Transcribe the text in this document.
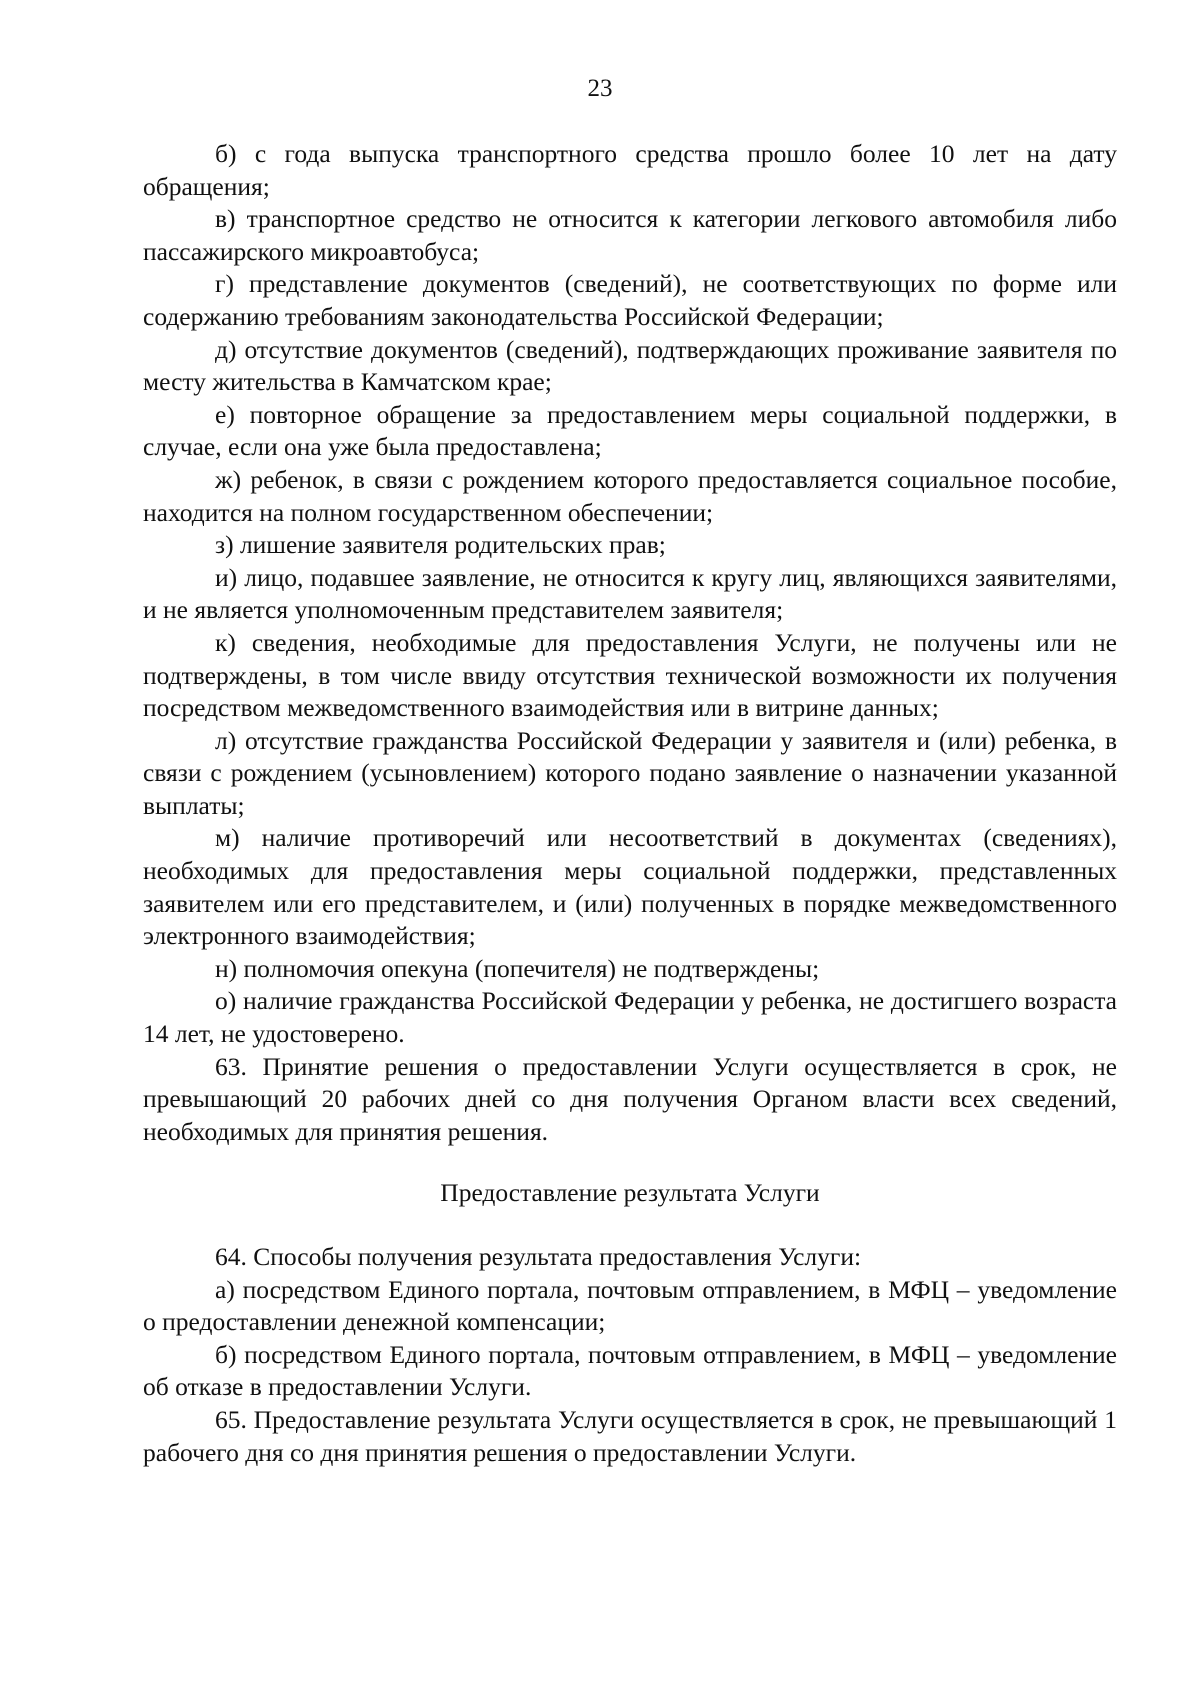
23

б) с года выпуска транспортного средства прошло более 10 лет на дату обращения;

в) транспортное средство не относится к категории легкового автомобиля либо пассажирского микроавтобуса;

г) представление документов (сведений), не соответствующих по форме или содержанию требованиям законодательства Российской Федерации;

д) отсутствие документов (сведений), подтверждающих проживание заявителя по месту жительства в Камчатском крае;

е) повторное обращение за предоставлением меры социальной поддержки, в случае, если она уже была предоставлена;

ж) ребенок, в связи с рождением которого предоставляется социальное пособие, находится на полном государственном обеспечении;

з) лишение заявителя родительских прав;

и) лицо, подавшее заявление, не относится к кругу лиц, являющихся заявителями, и не является уполномоченным представителем заявителя;

к) сведения, необходимые для предоставления Услуги, не получены или не подтверждены, в том числе ввиду отсутствия технической возможности их получения посредством межведомственного взаимодействия или в витрине данных;

л) отсутствие гражданства Российской Федерации у заявителя и (или) ребенка, в связи с рождением (усыновлением) которого подано заявление о назначении указанной выплаты;

м) наличие противоречий или несоответствий в документах (сведениях), необходимых для предоставления меры социальной поддержки, представленных заявителем или его представителем, и (или) полученных в порядке межведомственного электронного взаимодействия;

н) полномочия опекуна (попечителя) не подтверждены;

о) наличие гражданства Российской Федерации у ребенка, не достигшего возраста 14 лет, не удостоверено.

63. Принятие решения о предоставлении Услуги осуществляется в срок, не превышающий 20 рабочих дней со дня получения Органом власти всех сведений, необходимых для принятия решения.

Предоставление результата Услуги

64. Способы получения результата предоставления Услуги:

а) посредством Единого портала, почтовым отправлением, в МФЦ – уведомление о предоставлении денежной компенсации;

б) посредством Единого портала, почтовым отправлением, в МФЦ – уведомление об отказе в предоставлении Услуги.

65. Предоставление результата Услуги осуществляется в срок, не превышающий 1 рабочего дня со дня принятия решения о предоставлении Услуги.
